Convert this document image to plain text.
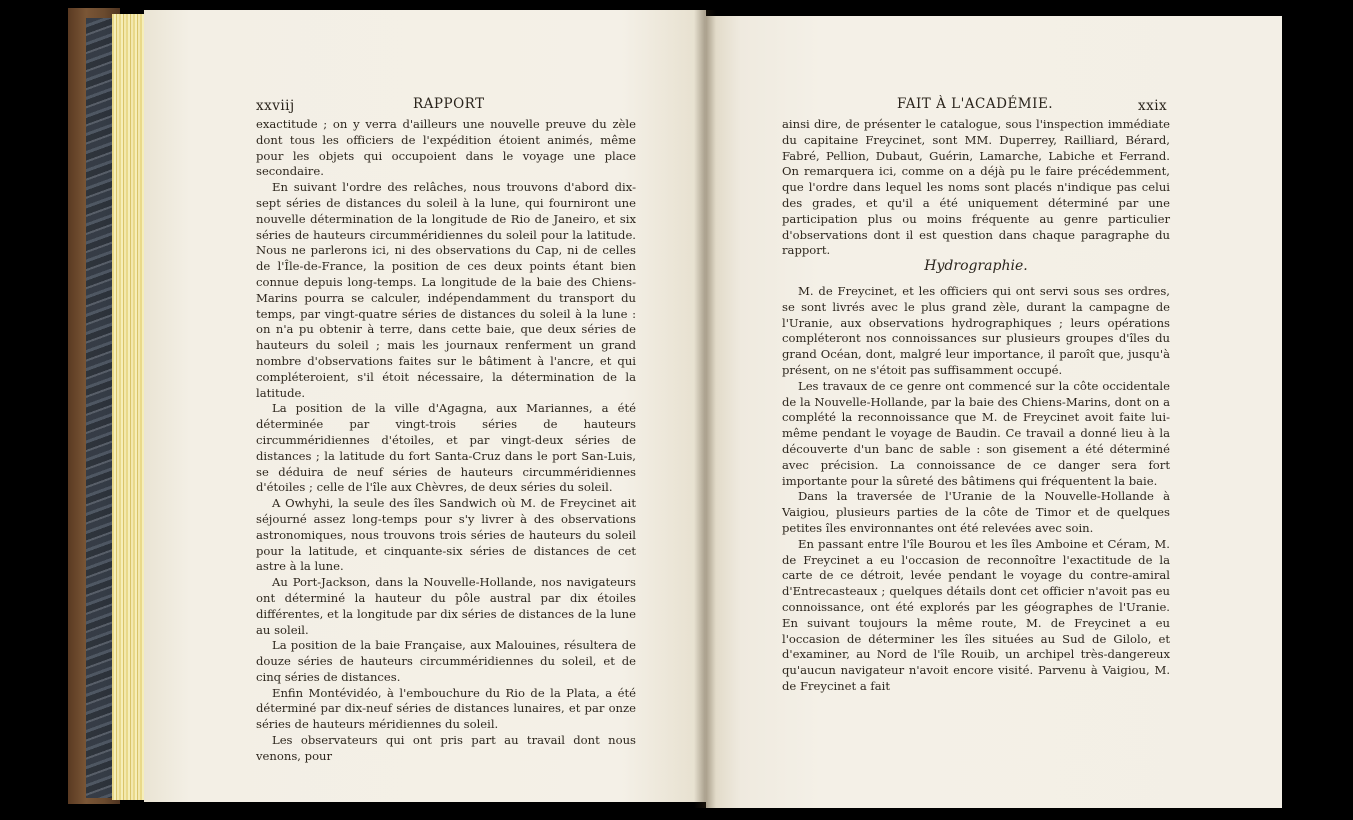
xxviij	RAPPORT

exactitude ; on y verra d'ailleurs une nouvelle preuve du zèle dont tous les officiers de l'expédition étoient animés, même pour les objets qui occupoient dans le voyage une place secondaire.

En suivant l'ordre des relâches, nous trouvons d'abord dix-sept séries de distances du soleil à la lune, qui fourniront une nouvelle détermination de la longitude de Rio de Janeiro, et six séries de hauteurs circumméridiennes du soleil pour la latitude. Nous ne parlerons ici, ni des observations du Cap, ni de celles de l'Île-de-France, la position de ces deux points étant bien connue depuis long-temps. La longitude de la baie des Chiens-Marins pourra se calculer, indépendamment du transport du temps, par vingt-quatre séries de distances du soleil à la lune : on n'a pu obtenir à terre, dans cette baie, que deux séries de hauteurs du soleil ; mais les journaux renferment un grand nombre d'observations faites sur le bâtiment à l'ancre, et qui compléteroient, s'il étoit nécessaire, la détermination de la latitude.

La position de la ville d'Agagna, aux Mariannes, a été déterminée par vingt-trois séries de hauteurs circumméridiennes d'étoiles, et par vingt-deux séries de distances ; la latitude du fort Santa-Cruz dans le port San-Luis, se déduira de neuf séries de hauteurs circumméridiennes d'étoiles ; celle de l'île aux Chèvres, de deux séries du soleil.

A Owhyhi, la seule des îles Sandwich où M. de Freycinet ait séjourné assez long-temps pour s'y livrer à des observations astronomiques, nous trouvons trois séries de hauteurs du soleil pour la latitude, et cinquante-six séries de distances de cet astre à la lune.

Au Port-Jackson, dans la Nouvelle-Hollande, nos navigateurs ont déterminé la hauteur du pôle austral par dix étoiles différentes, et la longitude par dix séries de distances de la lune au soleil.

La position de la baie Française, aux Malouines, résultera de douze séries de hauteurs circumméridiennes du soleil, et de cinq séries de distances.

Enfin Montévidéo, à l'embouchure du Rio de la Plata, a été déterminé par dix-neuf séries de distances lunaires, et par onze séries de hauteurs méridiennes du soleil.

Les observateurs qui ont pris part au travail dont nous venons, pour

FAIT À L'ACADÉMIE.	xxix

ainsi dire, de présenter le catalogue, sous l'inspection immédiate du capitaine Freycinet, sont MM. Duperrey, Railliard, Bérard, Fabré, Pellion, Dubaut, Guérin, Lamarche, Labiche et Ferrand. On remarquera ici, comme on a déjà pu le faire précédemment, que l'ordre dans lequel les noms sont placés n'indique pas celui des grades, et qu'il a été uniquement déterminé par une participation plus ou moins fréquente au genre particulier d'observations dont il est question dans chaque paragraphe du rapport.

Hydrographie.

M. de Freycinet, et les officiers qui ont servi sous ses ordres, se sont livrés avec le plus grand zèle, durant la campagne de l'Uranie, aux observations hydrographiques ; leurs opérations compléteront nos connoissances sur plusieurs groupes d'îles du grand Océan, dont, malgré leur importance, il paroît que, jusqu'à présent, on ne s'étoit pas suffisamment occupé.

Les travaux de ce genre ont commencé sur la côte occidentale de la Nouvelle-Hollande, par la baie des Chiens-Marins, dont on a complété la reconnoissance que M. de Freycinet avoit faite lui-même pendant le voyage de Baudin. Ce travail a donné lieu à la découverte d'un banc de sable : son gisement a été déterminé avec précision. La connoissance de ce danger sera fort importante pour la sûreté des bâtimens qui fréquentent la baie.

Dans la traversée de l'Uranie de la Nouvelle-Hollande à Vaigiou, plusieurs parties de la côte de Timor et de quelques petites îles environnantes ont été relevées avec soin.

En passant entre l'île Bourou et les îles Amboine et Céram, M. de Freycinet a eu l'occasion de reconnoître l'exactitude de la carte de ce détroit, levée pendant le voyage du contre-amiral d'Entrecasteaux ; quelques détails dont cet officier n'avoit pas eu connoissance, ont été explorés par les géographes de l'Uranie. En suivant toujours la même route, M. de Freycinet a eu l'occasion de déterminer les îles situées au Sud de Gilolo, et d'examiner, au Nord de l'île Rouib, un archipel très-dangereux qu'aucun navigateur n'avoit encore visité. Parvenu à Vaigiou, M. de Freycinet a fait
